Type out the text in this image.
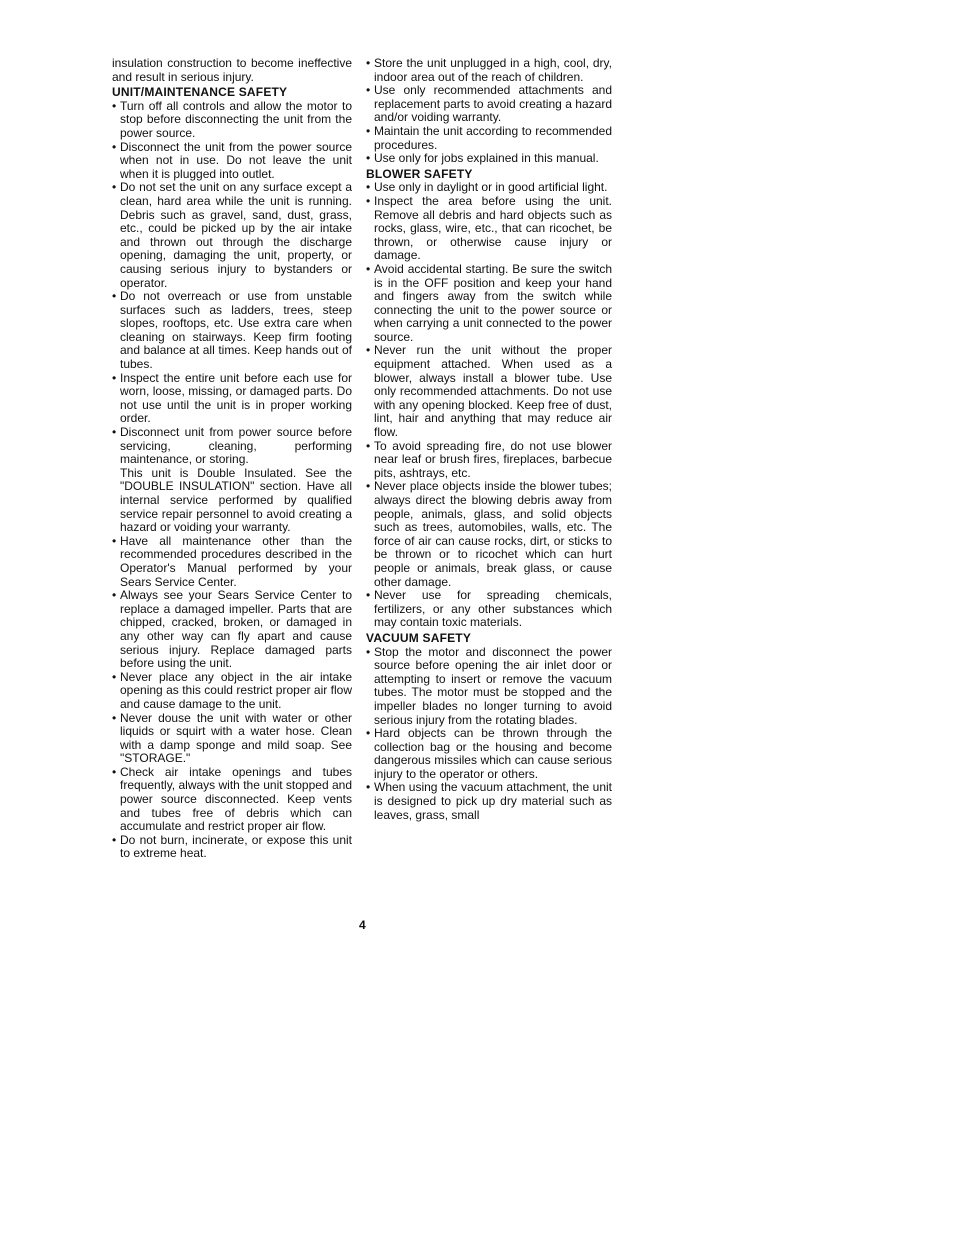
insulation construction to become ineffective and result in serious injury.

UNIT/MAINTENANCE SAFETY
• Turn off all controls and allow the motor to stop before disconnecting the unit from the power source.
• Disconnect the unit from the power source when not in use. Do not leave the unit when it is plugged into outlet.
• Do not set the unit on any surface except a clean, hard area while the unit is running. Debris such as gravel, sand, dust, grass, etc., could be picked up by the air intake and thrown out through the discharge opening, damaging the unit, property, or causing serious injury to bystanders or operator.
• Do not overreach or use from unstable surfaces such as ladders, trees, steep slopes, rooftops, etc. Use extra care when cleaning on stairways. Keep firm footing and balance at all times. Keep hands out of tubes.
• Inspect the entire unit before each use for worn, loose, missing, or damaged parts. Do not use until the unit is in proper working order.
• Disconnect unit from power source before servicing, cleaning, performing maintenance, or storing.
This unit is Double Insulated. See the "DOUBLE INSULATION" section. Have all internal service performed by qualified service repair personnel to avoid creating a hazard or voiding your warranty.
• Have all maintenance other than the recommended procedures described in the Operator's Manual performed by your Sears Service Center.
• Always see your Sears Service Center to replace a damaged impeller. Parts that are chipped, cracked, broken, or damaged in any other way can fly apart and cause serious injury. Replace damaged parts before using the unit.
• Never place any object in the air intake opening as this could restrict proper air flow and cause damage to the unit.
• Never douse the unit with water or other liquids or squirt with a water hose. Clean with a damp sponge and mild soap. See "STORAGE."
• Check air intake openings and tubes frequently, always with the unit stopped and power source disconnected. Keep vents and tubes free of debris which can accumulate and restrict proper air flow.
• Do not burn, incinerate, or expose this unit to extreme heat.
• Store the unit unplugged in a high, cool, dry, indoor area out of the reach of children.
• Use only recommended attachments and replacement parts to avoid creating a hazard and/or voiding warranty.
• Maintain the unit according to recommended procedures.
• Use only for jobs explained in this manual.
BLOWER SAFETY
• Use only in daylight or in good artificial light.
• Inspect the area before using the unit. Remove all debris and hard objects such as rocks, glass, wire, etc., that can ricochet, be thrown, or otherwise cause injury or damage.
• Avoid accidental starting. Be sure the switch is in the OFF position and keep your hand and fingers away from the switch while connecting the unit to the power source or when carrying a unit connected to the power source.
• Never run the unit without the proper equipment attached. When used as a blower, always install a blower tube. Use only recommended attachments. Do not use with any opening blocked. Keep free of dust, lint, hair and anything that may reduce air flow.
• To avoid spreading fire, do not use blower near leaf or brush fires, fireplaces, barbecue pits, ashtrays, etc.
• Never place objects inside the blower tubes; always direct the blowing debris away from people, animals, glass, and solid objects such as trees, automobiles, walls, etc. The force of air can cause rocks, dirt, or sticks to be thrown or to ricochet which can hurt people or animals, break glass, or cause other damage.
• Never use for spreading chemicals, fertilizers, or any other substances which may contain toxic materials.
VACUUM SAFETY
• Stop the motor and disconnect the power source before opening the air inlet door or attempting to insert or remove the vacuum tubes. The motor must be stopped and the impeller blades no longer turning to avoid serious injury from the rotating blades.
• Hard objects can be thrown through the collection bag or the housing and become dangerous missiles which can cause serious injury to the operator or others.
• When using the vacuum attachment, the unit is designed to pick up dry material such as leaves, grass, small
4
